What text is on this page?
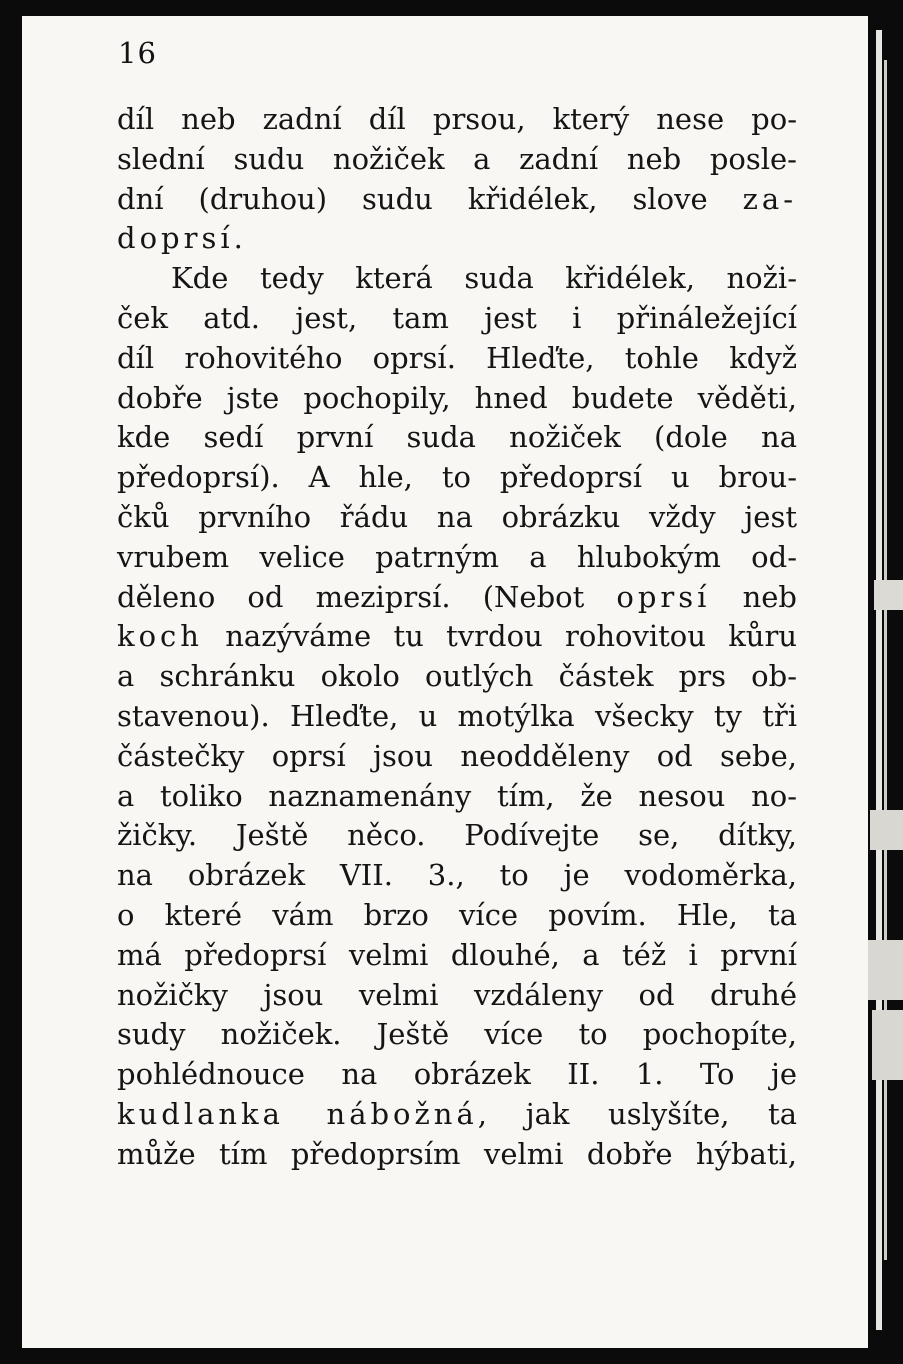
16
díl neb zadní díl prsou, který nese po-
slední sudu nožiček a zadní neb posle-
dní (druhou) sudu křidélek, slove za-
doprsí.
Kde tedy která suda křidélek, noži-
ček atd. jest, tam jest i přináležející
díl rohovitého oprsí. Hleďte, tohle když
dobře jste pochopily, hned budete věděti,
kde sedí první suda nožiček (dole na
předoprsí). A hle, to předoprsí u brou-
čků prvního řádu na obrázku vždy jest
vrubem velice patrným a hlubokým od-
děleno od meziprsí. (Nebot oprsí neb
koch nazýváme tu tvrdou rohovitou kůru
a schránku okolo outlých částek prs ob-
stavenou). Hleďte, u motýlka všecky ty tři
částečky oprsí jsou neodděleny od sebe,
a toliko naznamenány tím, že nesou no-
žičky. Ještě něco. Podívejte se, dítky,
na obrázek VII. 3., to je vodoměrka,
o které vám brzo více povím. Hle, ta
má předoprsí velmi dlouhé, a též i první
nožičky jsou velmi vzdáleny od druhé
sudy nožiček. Ještě více to pochopíte,
pohlédnouce na obrázek II. 1. To je
kudlanka nábožná, jak uslyšíte, ta
může tím předoprsím velmi dobře hýbati,
